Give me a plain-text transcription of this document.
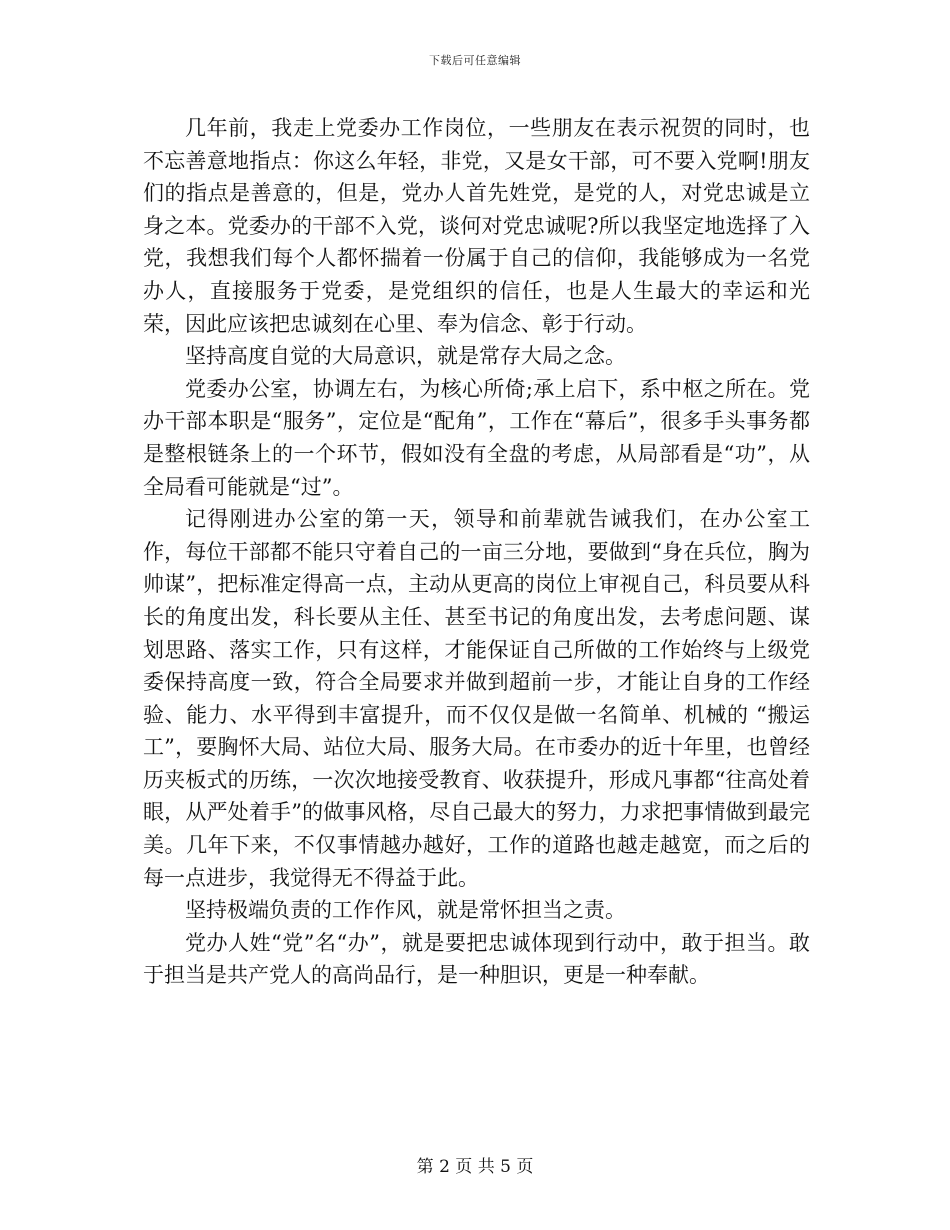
下载后可任意编辑

几年前，我走上党委办工作岗位，一些朋友在表示祝贺的同时，也不忘善意地指点：你这么年轻，非党，又是女干部，可不要入党啊!朋友们的指点是善意的，但是，党办人首先姓党，是党的人，对党忠诚是立身之本。党委办的干部不入党，谈何对党忠诚呢?所以我坚定地选择了入党，我想我们每个人都怀揣着一份属于自己的信仰，我能够成为一名党办人，直接服务于党委，是党组织的信任，也是人生最大的幸运和光荣，因此应该把忠诚刻在心里、奉为信念、彰于行动。

坚持高度自觉的大局意识，就是常存大局之念。

党委办公室，协调左右，为核心所倚;承上启下，系中枢之所在。党办干部本职是“服务”，定位是“配角”，工作在“幕后”，很多手头事务都是整根链条上的一个环节，假如没有全盘的考虑，从局部看是“功”，从全局看可能就是“过”。

记得刚进办公室的第一天，领导和前辈就告诫我们，在办公室工作，每位干部都不能只守着自己的一亩三分地，要做到“身在兵位，胸为帅谋”，把标准定得高一点，主动从更高的岗位上审视自己，科员要从科长的角度出发，科长要从主任、甚至书记的角度出发，去考虑问题、谋划思路、落实工作，只有这样，才能保证自己所做的工作始终与上级党委保持高度一致，符合全局要求并做到超前一步，才能让自身的工作经验、能力、水平得到丰富提升，而不仅仅是做一名简单、机械的 “搬运工”，要胸怀大局、站位大局、服务大局。在市委办的近十年里，也曾经历夹板式的历练，一次次地接受教育、收获提升，形成凡事都“往高处着眼，从严处着手”的做事风格，尽自己最大的努力，力求把事情做到最完美。几年下来，不仅事情越办越好，工作的道路也越走越宽，而之后的每一点进步，我觉得无不得益于此。

坚持极端负责的工作作风，就是常怀担当之责。

党办人姓“党”名“办”，就是要把忠诚体现到行动中，敢于担当。敢于担当是共产党人的高尚品行，是一种胆识，更是一种奉献。

第 2 页 共 5 页
